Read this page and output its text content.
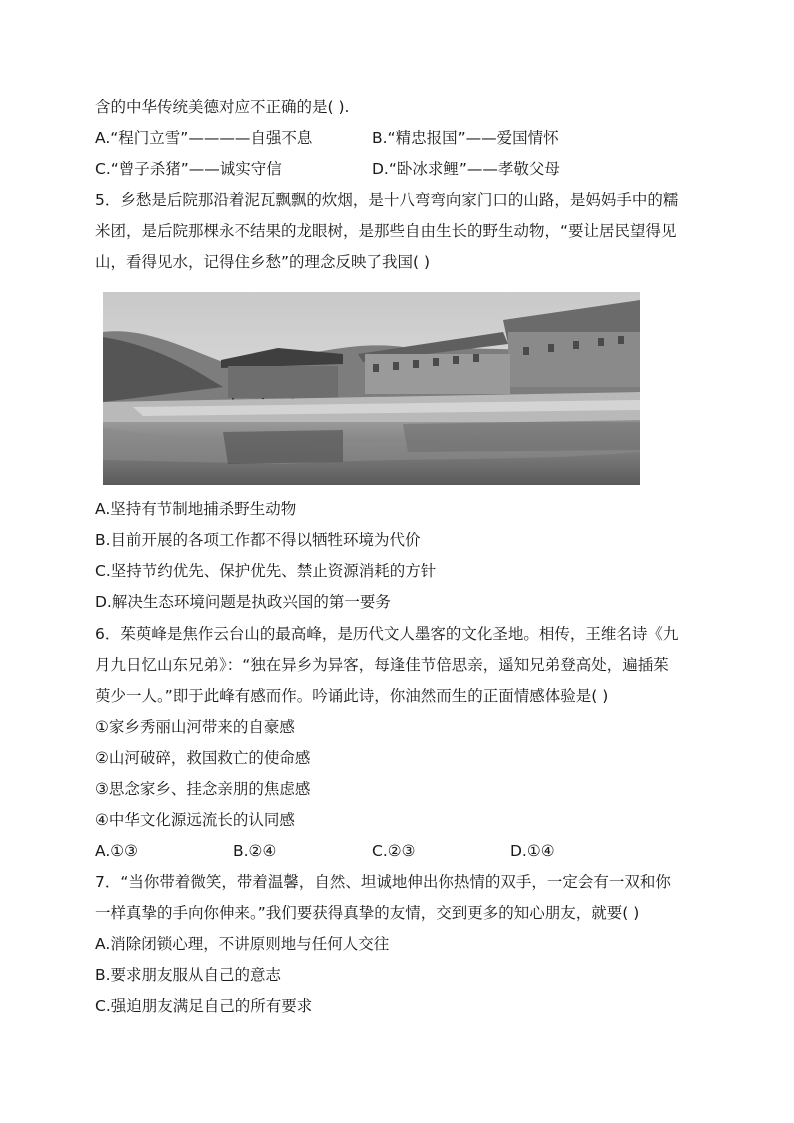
含的中华传统美德对应不正确的是( ).
A.“程门立雪”————自强不息	B.“精忠报国”——爱国情怀
C.“曾子杀猪”——诚实守信	D.“卧冰求鲤”——孝敬父母
5．乡愁是后院那沿着泥瓦飘飘的炊烟，是十八弯弯向家门口的山路，是妈妈手中的糯
米团，是后院那棵永不结果的龙眼树，是那些自由生长的野生动物，“要让居民望得见
山，看得见水，记得住乡愁”的理念反映了我国( )
A.坚持有节制地捕杀野生动物
B.目前开展的各项工作都不得以牺牲环境为代价
C.坚持节约优先、保护优先、禁止资源消耗的方针
D.解决生态环境问题是执政兴国的第一要务
6．茱萸峰是焦作云台山的最高峰，是历代文人墨客的文化圣地。相传，王维名诗《九
月九日忆山东兄弟》：“独在异乡为异客，每逢佳节倍思亲，遥知兄弟登高处，遍插茱
萸少一人。”即于此峰有感而作。吟诵此诗，你油然而生的正面情感体验是( )
①家乡秀丽山河带来的自豪感
②山河破碎，救国救亡的使命感
③思念家乡、挂念亲朋的焦虑感
④中华文化源远流长的认同感
A.①③	B.②④	C.②③	D.①④
7．“当你带着微笑，带着温馨，自然、坦诚地伸出你热情的双手，一定会有一双和你
一样真挚的手向你伸来。”我们要获得真挚的友情，交到更多的知心朋友，就要( )
A.消除闭锁心理，不讲原则地与任何人交往
B.要求朋友服从自己的意志
C.强迫朋友满足自己的所有要求
